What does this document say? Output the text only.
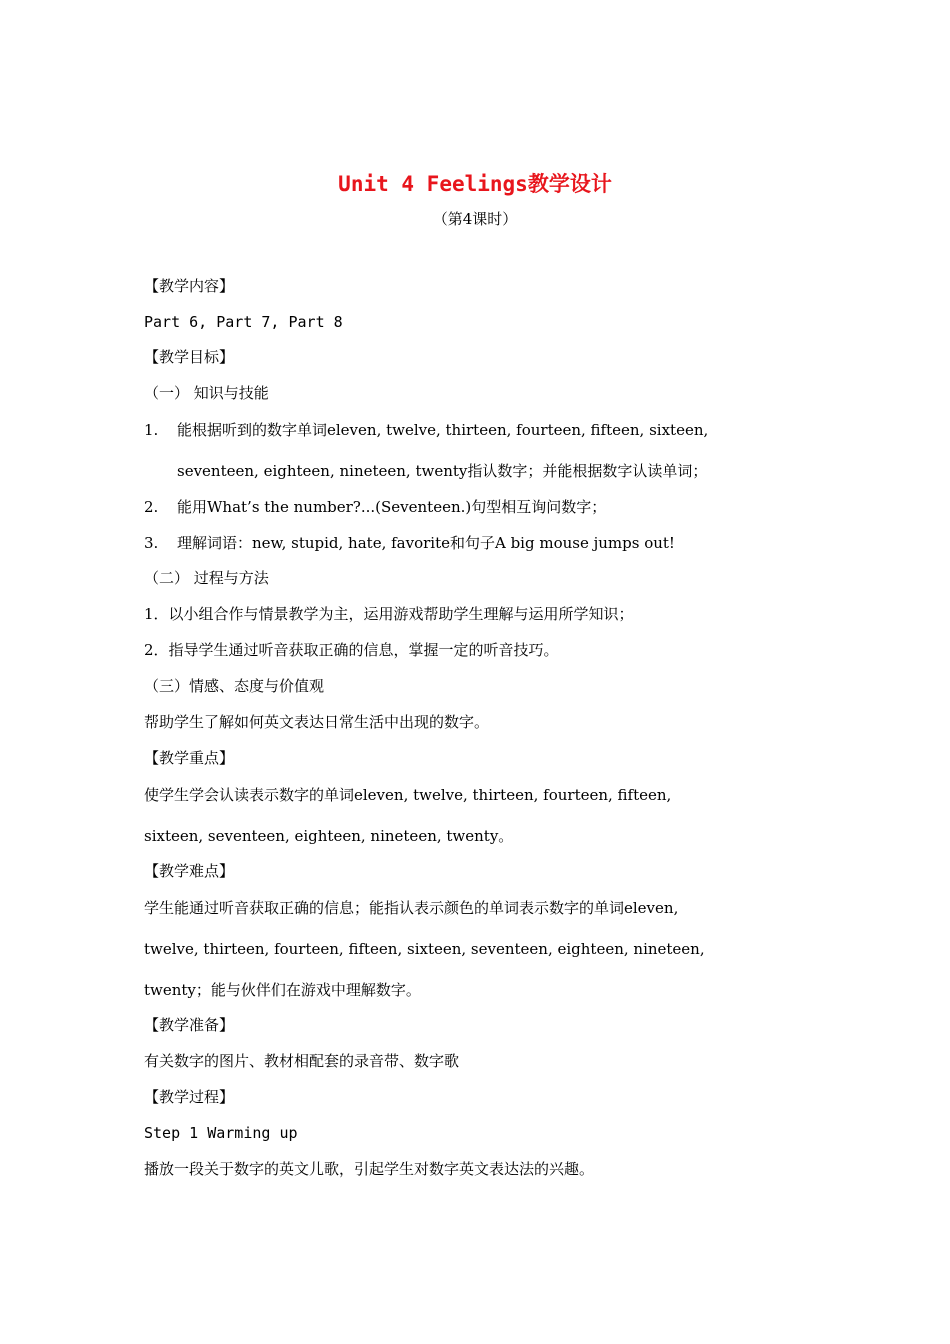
Unit 4 Feelings教学设计
（第4课时）
【教学内容】
Part 6, Part 7, Part 8
【教学目标】
（一） 知识与技能
1.	能根据听到的数字单词eleven, twelve, thirteen, fourteen, fifteen, sixteen,
seventeen, eighteen, nineteen, twenty指认数字；并能根据数字认读单词；
2.	能用What’s the number?...(Seventeen.)句型相互询问数字；
3.	理解词语：new, stupid, hate, favorite和句子A big mouse jumps out!
（二） 过程与方法
1．以小组合作与情景教学为主，运用游戏帮助学生理解与运用所学知识；
2．指导学生通过听音获取正确的信息，掌握一定的听音技巧。
（三）情感、态度与价值观
帮助学生了解如何英文表达日常生活中出现的数字。
【教学重点】
使学生学会认读表示数字的单词eleven, twelve, thirteen, fourteen, fifteen,
sixteen, seventeen, eighteen, nineteen, twenty。
【教学难点】
学生能通过听音获取正确的信息；能指认表示颜色的单词表示数字的单词eleven,
twelve, thirteen, fourteen, fifteen, sixteen, seventeen, eighteen, nineteen,
twenty；能与伙伴们在游戏中理解数字。
【教学准备】
有关数字的图片、教材相配套的录音带、数字歌
【教学过程】
Step 1 Warming up
播放一段关于数字的英文儿歌，引起学生对数字英文表达法的兴趣。
